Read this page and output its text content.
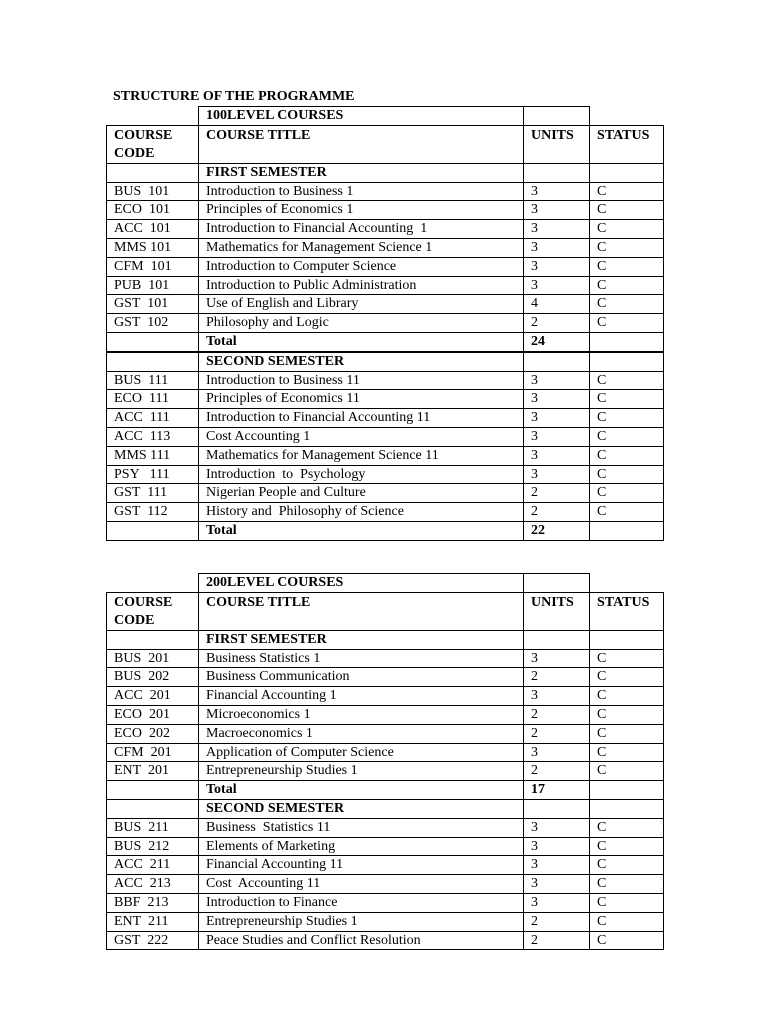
STRUCTURE OF THE PROGRAMME
	100LEVEL COURSES		
COURSE CODE	COURSE TITLE	UNITS	STATUS
	FIRST SEMESTER		
BUS  101	Introduction to Business 1	3	C
ECO  101	Principles of Economics 1	3	C
ACC  101	Introduction to Financial Accounting  1	3	C
MMS 101	Mathematics for Management Science 1	3	C
CFM  101	Introduction to Computer Science	3	C
PUB  101	Introduction to Public Administration	3	C
GST  101	Use of English and Library	4	C
GST  102	Philosophy and Logic	2	C
	Total	24	
	SECOND SEMESTER		
BUS  111	Introduction to Business 11	3	C
ECO  111	Principles of Economics 11	3	C
ACC  111	Introduction to Financial Accounting 11	3	C
ACC  113	Cost Accounting 1	3	C
MMS 111	Mathematics for Management Science 11	3	C
PSY   111	Introduction  to  Psychology	3	C
GST  111	Nigerian People and Culture	2	C
GST  112	History and  Philosophy of Science	2	C
	Total	22	
	200LEVEL COURSES		
COURSE CODE	COURSE TITLE	UNITS	STATUS
	FIRST SEMESTER		
BUS  201	Business Statistics 1	3	C
BUS  202	Business Communication	2	C
ACC  201	Financial Accounting 1	3	C
ECO  201	Microeconomics 1	2	C
ECO  202	Macroeconomics 1	2	C
CFM  201	Application of Computer Science	3	C
ENT  201	Entrepreneurship Studies 1	2	C
	Total	17	
	SECOND SEMESTER		
BUS  211	Business  Statistics 11	3	C
BUS  212	Elements of Marketing	3	C
ACC  211	Financial Accounting 11	3	C
ACC  213	Cost  Accounting 11	3	C
BBF  213	Introduction to Finance	3	C
ENT  211	Entrepreneurship Studies 1	2	C
GST  222	Peace Studies and Conflict Resolution	2	C
